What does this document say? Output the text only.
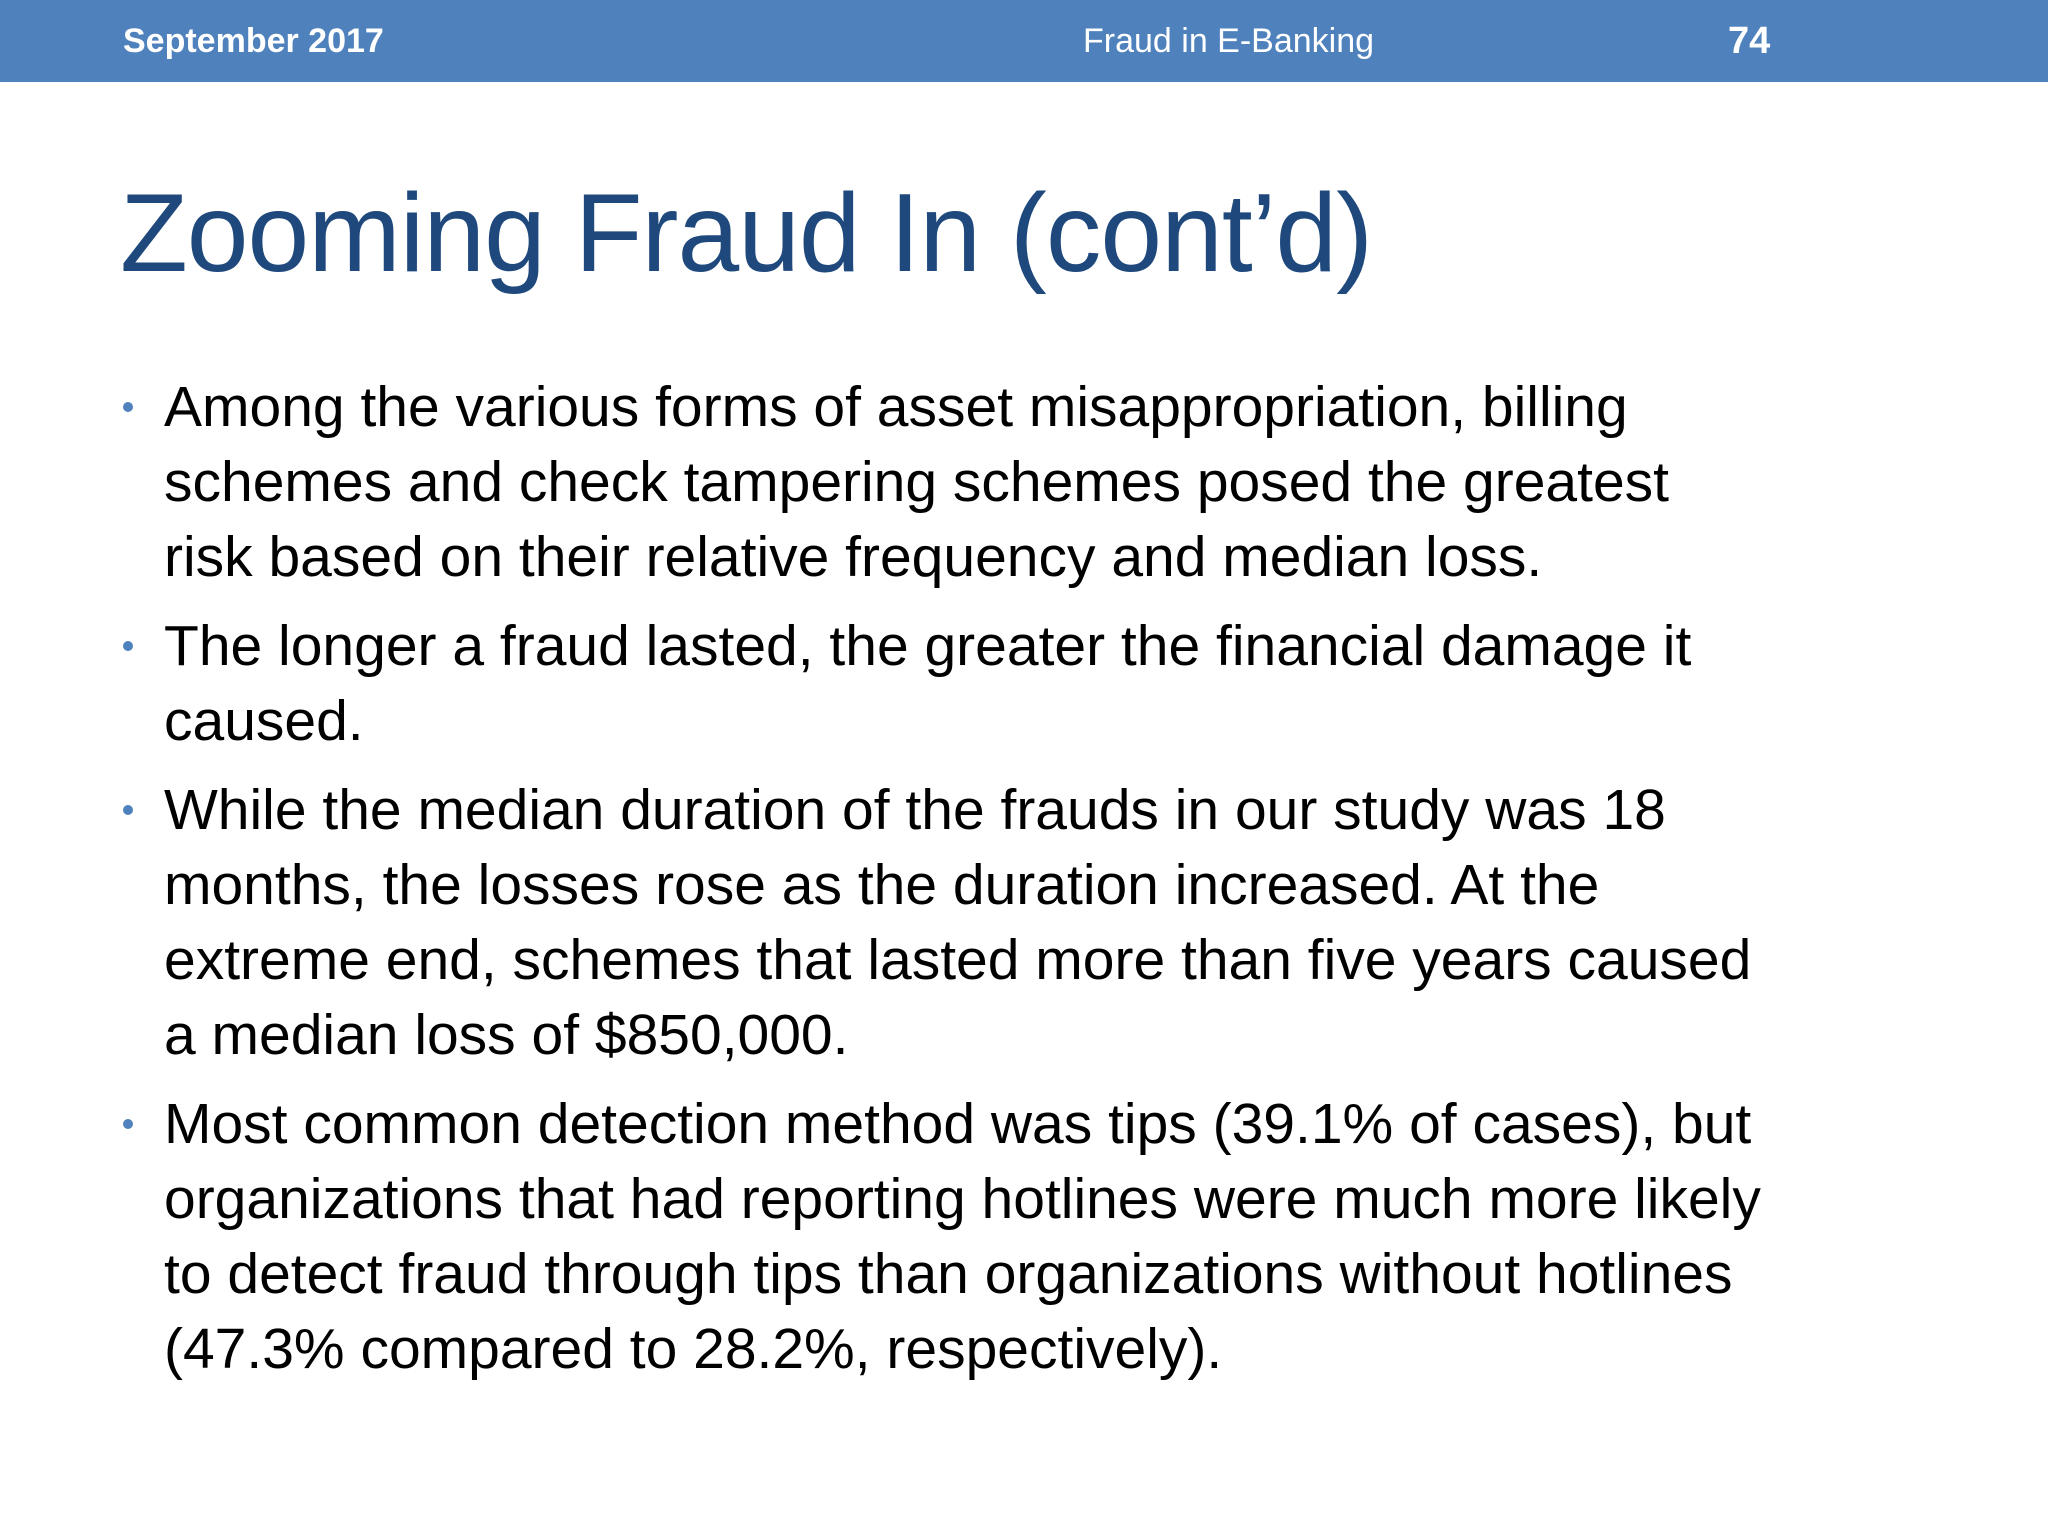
September 2017	Fraud in E-Banking	74
Zooming Fraud In (cont’d)
Among the various forms of asset misappropriation, billing
schemes and check tampering schemes posed the greatest
risk based on their relative frequency and median loss.
The longer a fraud lasted, the greater the financial damage it
caused.
While the median duration of the frauds in our study was 18
months, the losses rose as the duration increased. At the
extreme end, schemes that lasted more than five years caused
a median loss of $850,000.
Most common detection method was tips (39.1% of cases), but
organizations that had reporting hotlines were much more likely
to detect fraud through tips than organizations without hotlines
(47.3% compared to 28.2%, respectively).
